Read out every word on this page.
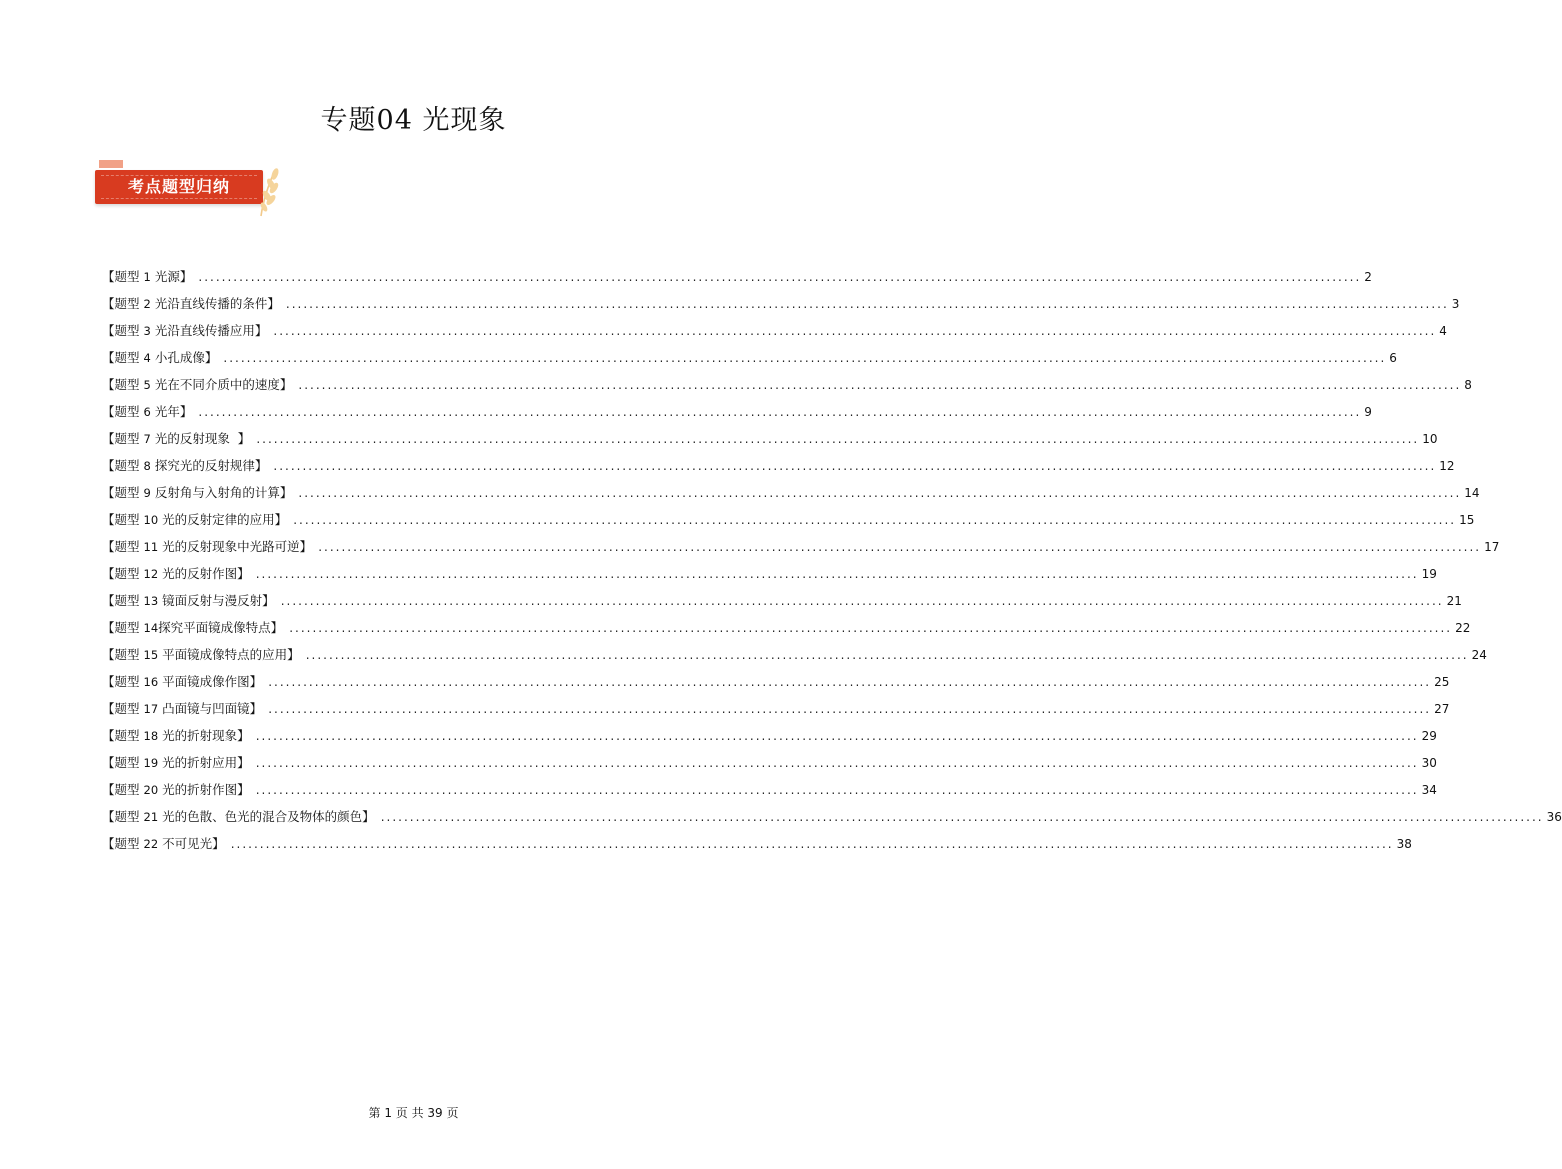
专题04 光现象
考点题型归纳
【题型 1 光源】 ........................................................................................................................................................................................................ 2
【题型 2 光沿直线传播的条件】 ........................................................................................................................................................................................................ 3
【题型 3 光沿直线传播应用】 ........................................................................................................................................................................................................ 4
【题型 4 小孔成像】 ........................................................................................................................................................................................................ 6
【题型 5 光在不同介质中的速度】 ........................................................................................................................................................................................................ 8
【题型 6 光年】 ........................................................................................................................................................................................................ 9
【题型 7 光的反射现象  】 ........................................................................................................................................................................................................ 10
【题型 8 探究光的反射规律】 ........................................................................................................................................................................................................ 12
【题型 9 反射角与入射角的计算】 ........................................................................................................................................................................................................ 14
【题型 10 光的反射定律的应用】 ........................................................................................................................................................................................................ 15
【题型 11 光的反射现象中光路可逆】 ........................................................................................................................................................................................................ 17
【题型 12 光的反射作图】 ........................................................................................................................................................................................................ 19
【题型 13 镜面反射与漫反射】 ........................................................................................................................................................................................................ 21
【题型 14探究平面镜成像特点】 ........................................................................................................................................................................................................ 22
【题型 15 平面镜成像特点的应用】 ........................................................................................................................................................................................................ 24
【题型 16 平面镜成像作图】 ........................................................................................................................................................................................................ 25
【题型 17 凸面镜与凹面镜】 ........................................................................................................................................................................................................ 27
【题型 18 光的折射现象】 ........................................................................................................................................................................................................ 29
【题型 19 光的折射应用】 ........................................................................................................................................................................................................ 30
【题型 20 光的折射作图】 ........................................................................................................................................................................................................ 34
【题型 21 光的色散、色光的混合及物体的颜色】 ........................................................................................................................................................................................................ 36
【题型 22 不可见光】 ........................................................................................................................................................................................................ 38
第 1 页 共 39 页
